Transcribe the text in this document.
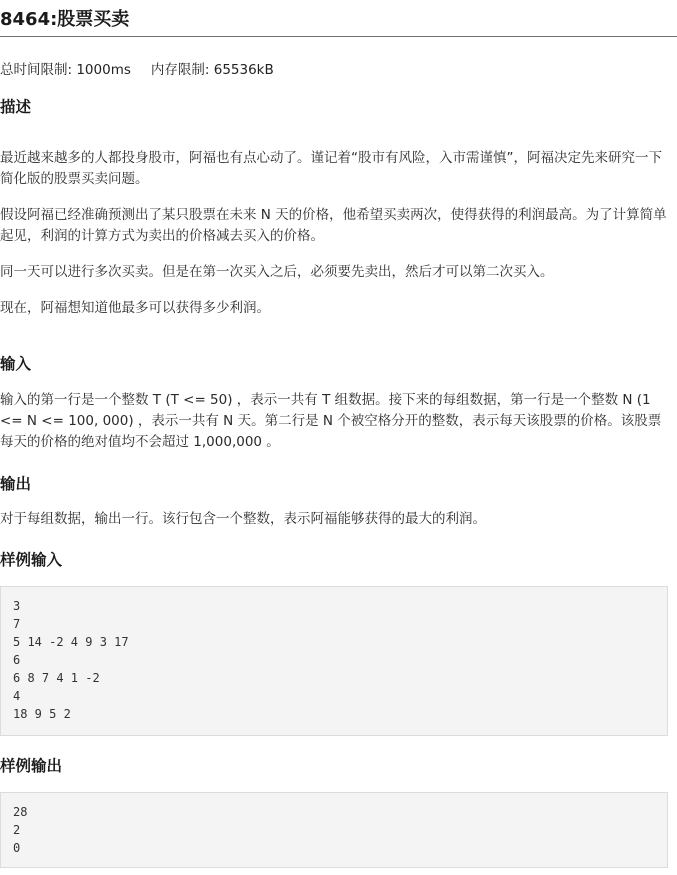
8464:股票买卖
总时间限制: 1000ms 内存限制: 65536kB
描述

最近越来越多的人都投身股市，阿福也有点心动了。谨记着“股市有风险，入市需谨慎”，阿福决定先来研究一下简化版的股票买卖问题。

假设阿福已经准确预测出了某只股票在未来 N 天的价格，他希望买卖两次，使得获得的利润最高。为了计算简单起见，利润的计算方式为卖出的价格减去买入的价格。

同一天可以进行多次买卖。但是在第一次买入之后，必须要先卖出，然后才可以第二次买入。

现在，阿福想知道他最多可以获得多少利润。

输入

输入的第一行是一个整数 T (T <= 50) ，表示一共有 T 组数据。接下来的每组数据，第一行是一个整数 N (1 <= N <= 100, 000) ，表示一共有 N 天。第二行是 N 个被空格分开的整数，表示每天该股票的价格。该股票每天的价格的绝对值均不会超过 1,000,000 。

输出

对于每组数据，输出一行。该行包含一个整数，表示阿福能够获得的最大的利润。

样例输入
3
7
5 14 -2 4 9 3 17
6
6 8 7 4 1 -2
4
18 9 5 2
样例输出
28
2
0
